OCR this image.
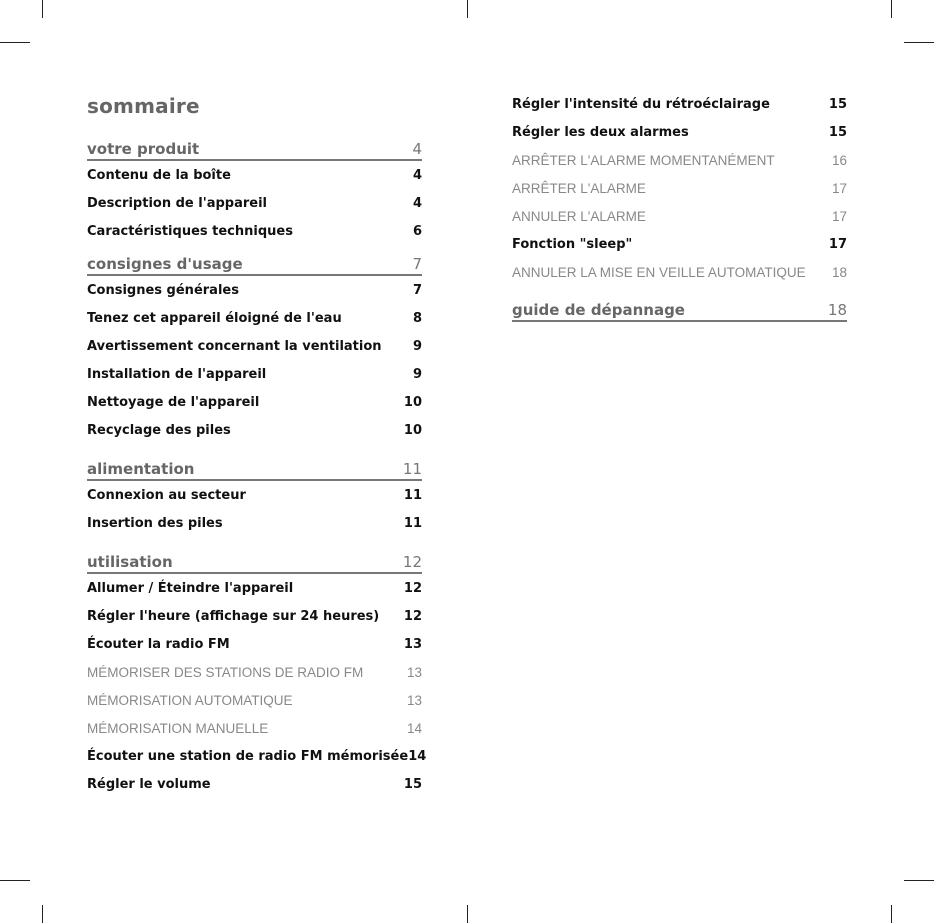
sommaire
votre produit	4
Contenu de la boîte	4
Description de l'appareil	4
Caractéristiques techniques	6
consignes d'usage	7
Consignes générales	7
Tenez cet appareil éloigné de l'eau	8
Avertissement concernant la ventilation 9
Installation de l'appareil	9
Nettoyage de l'appareil	10
Recyclage des piles	10
alimentation	11
Connexion au secteur	11
Insertion des piles	11
utilisation	12
Allumer / Éteindre l'appareil	12
Régler l'heure (affichage sur 24 heures) 12
Écouter la radio FM	13
MÉMORISER DES STATIONS DE RADIO FM	13
MÉMORISATION AUTOMATIQUE	13
MÉMORISATION MANUELLE	14
Écouter une station de radio FM mémorisée 14
Régler le volume	15
Régler l'intensité du rétroéclairage	15
Régler les deux alarmes	15
ARRÊTER L'ALARME MOMENTANÉMENT	16
ARRÊTER L'ALARME	17
ANNULER L'ALARME	17
Fonction "sleep"	17
ANNULER LA MISE EN VEILLE AUTOMATIQUE 18
guide de dépannage	18
